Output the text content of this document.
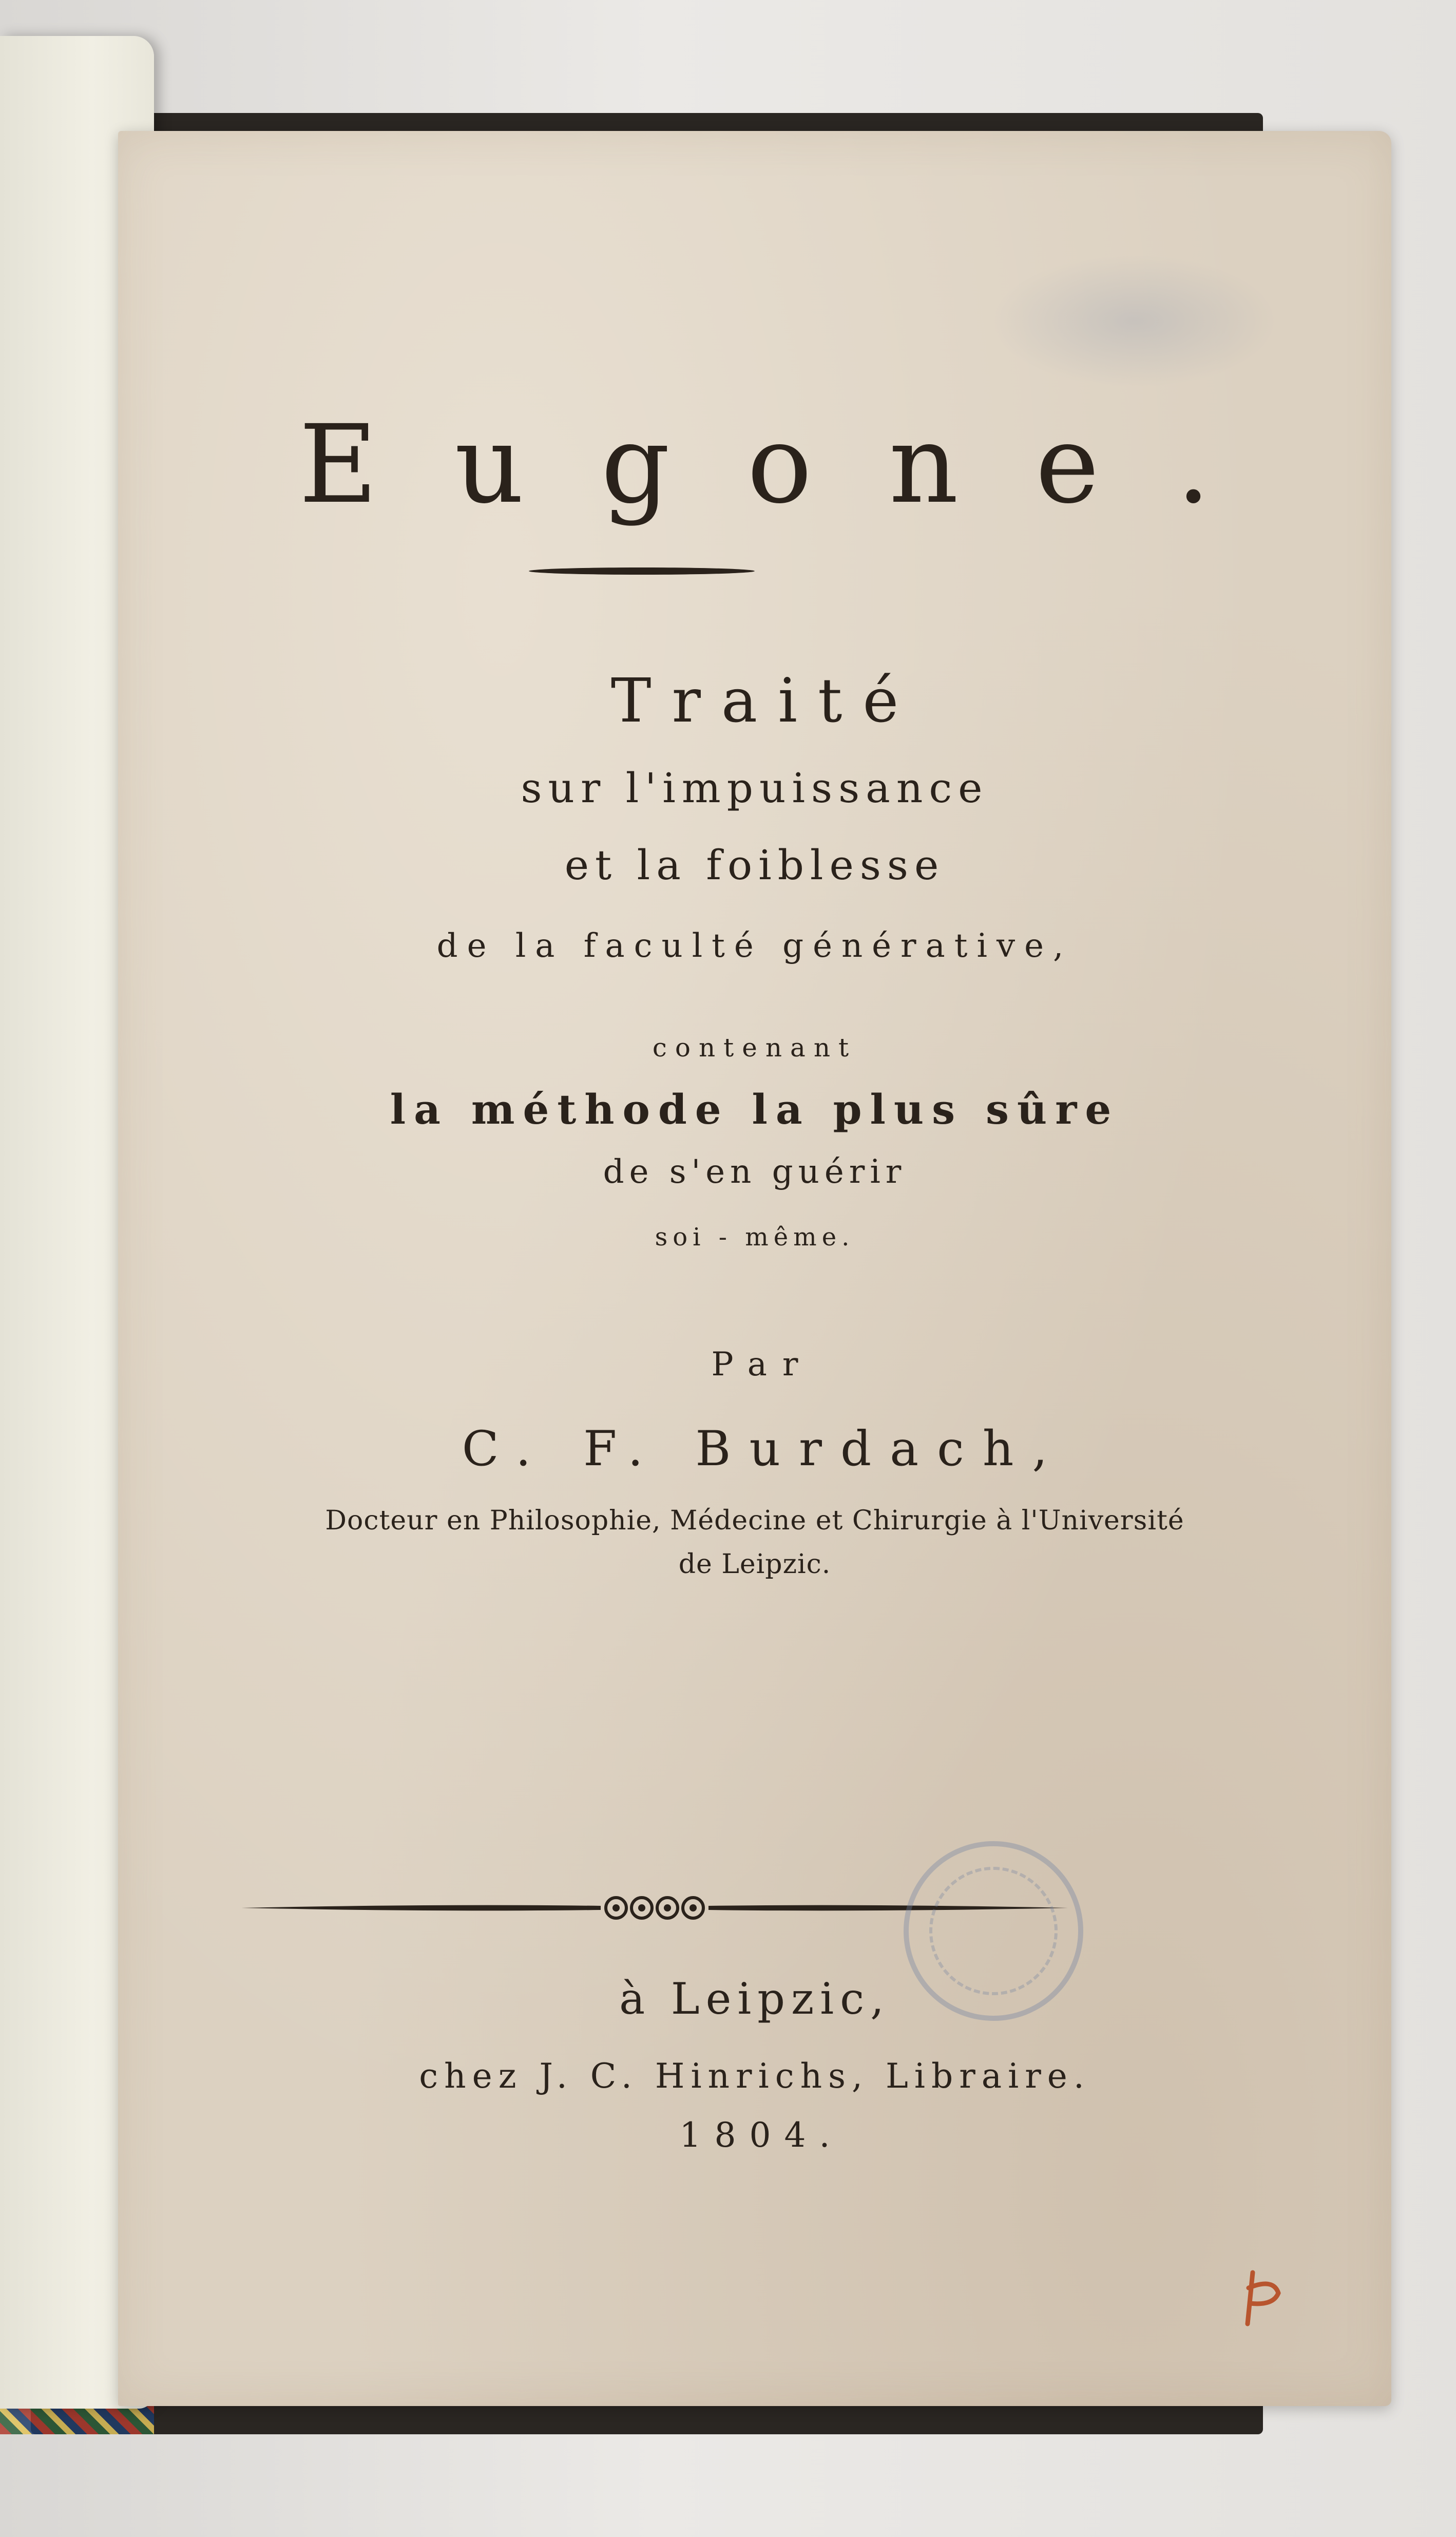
Eugone.

Traité

sur l'impuissance

et la foiblesse

de la faculté générative,

contenant

la méthode la plus sûre

de s'en guérir

soi - même.

Par

C. F. Burdach,

Docteur en Philosophie, Médecine et Chirurgie à l'Université

de Leipzic.

à Leipzic,

chez J. C. Hinrichs, Libraire.

1804.
